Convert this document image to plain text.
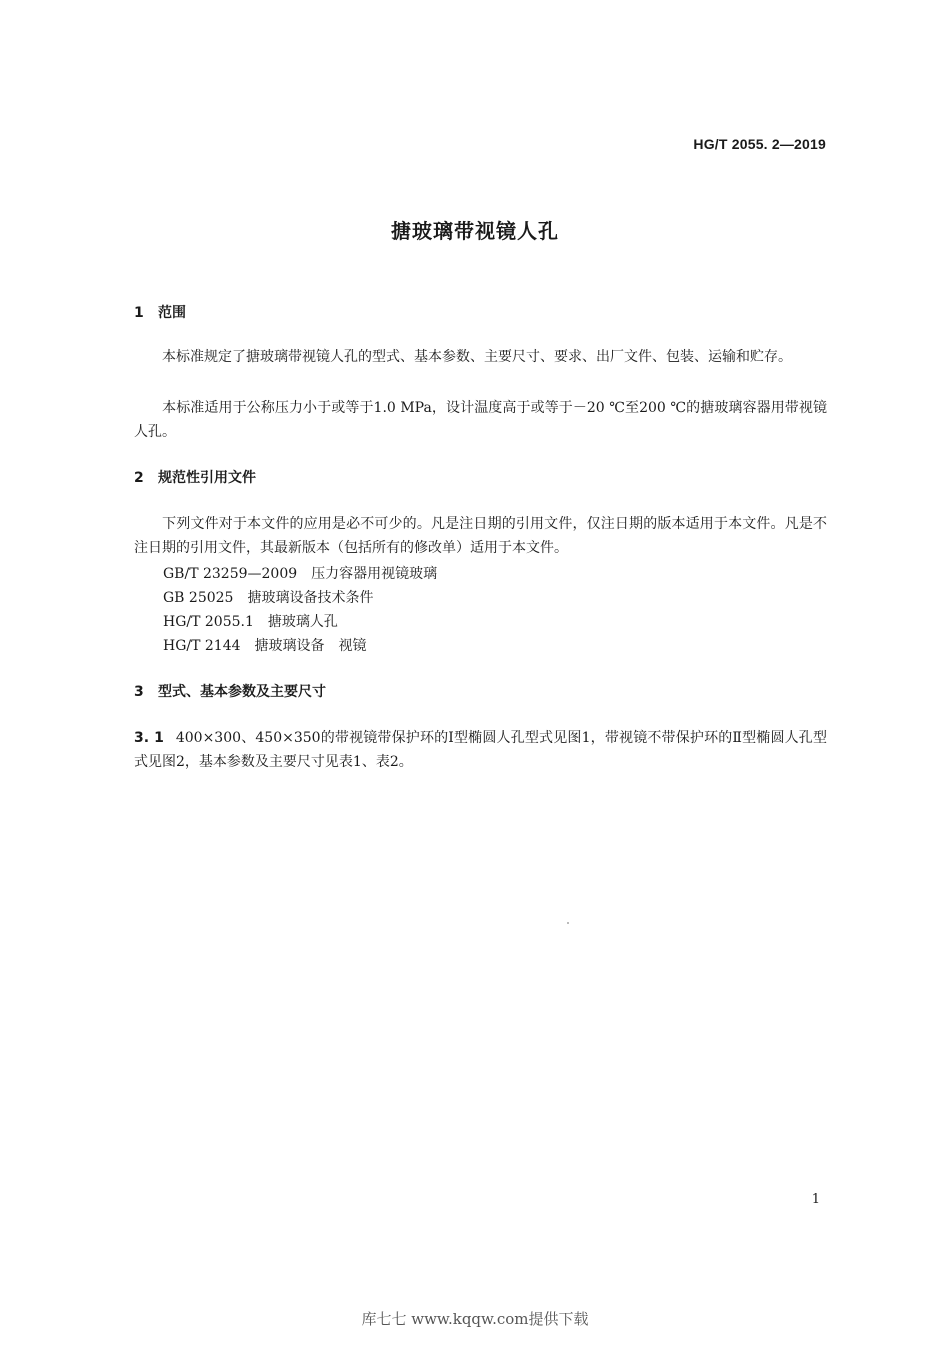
HG/T 2055. 2—2019
搪玻璃带视镜人孔
1 范围
本标准规定了搪玻璃带视镜人孔的型式、基本参数、主要尺寸、要求、出厂文件、包装、运输和贮存。
本标准适用于公称压力小于或等于1.0 MPa，设计温度高于或等于－20 ℃至200 ℃的搪玻璃容器用带视镜人孔。
2 规范性引用文件
下列文件对于本文件的应用是必不可少的。凡是注日期的引用文件，仅注日期的版本适用于本文件。凡是不注日期的引用文件，其最新版本（包括所有的修改单）适用于本文件。
GB/T 23259—2009 压力容器用视镜玻璃
GB 25025 搪玻璃设备技术条件
HG/T 2055.1 搪玻璃人孔
HG/T 2144 搪玻璃设备　视镜
3 型式、基本参数及主要尺寸
3. 1 400×300、450×350的带视镜带保护环的Ⅰ型椭圆人孔型式见图1，带视镜不带保护环的Ⅱ型椭圆人孔型式见图2，基本参数及主要尺寸见表1、表2。
1
库七七 www.kqqw.com提供下载
